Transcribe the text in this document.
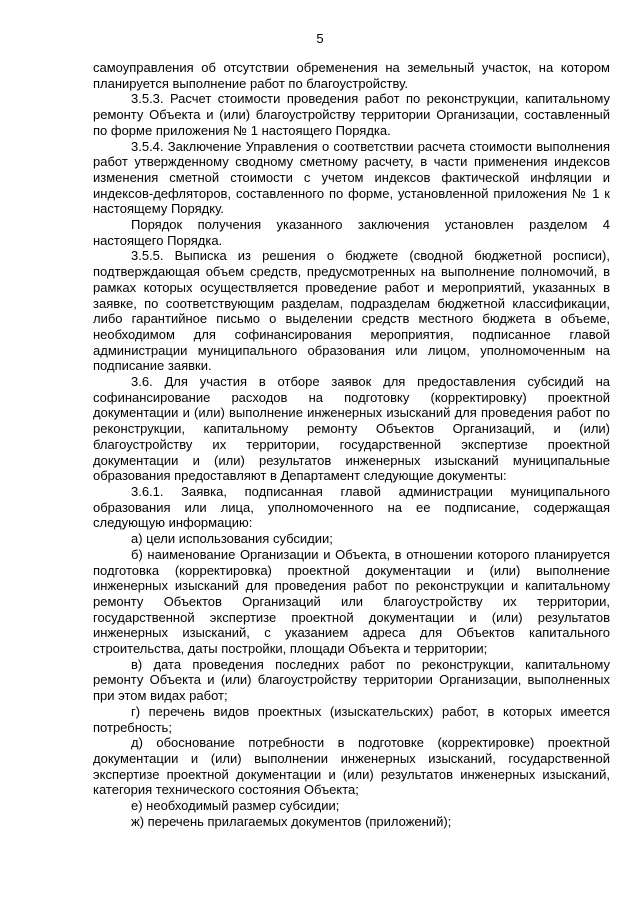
5

самоуправления об отсутствии обременения на земельный участок, на котором планируется выполнение работ по благоустройству.

3.5.3. Расчет стоимости проведения работ по реконструкции, капитальному ремонту Объекта и (или) благоустройству территории Организации, составленный по форме приложения № 1 настоящего Порядка.

3.5.4. Заключение Управления о соответствии расчета стоимости выполнения работ утвержденному сводному сметному расчету, в части применения индексов изменения сметной стоимости с учетом индексов фактической инфляции и индексов-дефляторов, составленного по форме, установленной приложения № 1 к настоящему Порядку.

Порядок получения указанного заключения установлен разделом 4 настоящего Порядка.

3.5.5. Выписка из решения о бюджете (сводной бюджетной росписи), подтверждающая объем средств, предусмотренных на выполнение полномочий, в рамках которых осуществляется проведение работ и мероприятий, указанных в заявке, по соответствующим разделам, подразделам бюджетной классификации, либо гарантийное письмо о выделении средств местного бюджета в объеме, необходимом для софинансирования мероприятия, подписанное главой администрации муниципального образования или лицом, уполномоченным на подписание заявки.

3.6. Для участия в отборе заявок для предоставления субсидий на софинансирование расходов на подготовку (корректировку) проектной документации и (или) выполнение инженерных изысканий для проведения работ по реконструкции, капитальному ремонту Объектов Организаций, и (или) благоустройству их территории, государственной экспертизе проектной документации и (или) результатов инженерных изысканий муниципальные образования предоставляют в Департамент следующие документы:

3.6.1. Заявка, подписанная главой администрации муниципального образования или лица, уполномоченного на ее подписание, содержащая следующую информацию:

а) цели использования субсидии;

б) наименование Организации и Объекта, в отношении которого планируется подготовка (корректировка) проектной документации и (или) выполнение инженерных изысканий для проведения работ по реконструкции и капитальному ремонту Объектов Организаций или благоустройству их территории, государственной экспертизе проектной документации и (или) результатов инженерных изысканий, с указанием адреса для Объектов капитального строительства, даты постройки, площади Объекта и территории;

в) дата проведения последних работ по реконструкции, капитальному ремонту Объекта и (или) благоустройству территории Организации, выполненных при этом видах работ;

г) перечень видов проектных (изыскательских) работ, в которых имеется потребность;

д) обоснование потребности в подготовке (корректировке) проектной документации и (или) выполнении инженерных изысканий, государственной экспертизе проектной документации и (или) результатов инженерных изысканий, категория технического состояния Объекта;

е) необходимый размер субсидии;

ж) перечень прилагаемых документов (приложений);
